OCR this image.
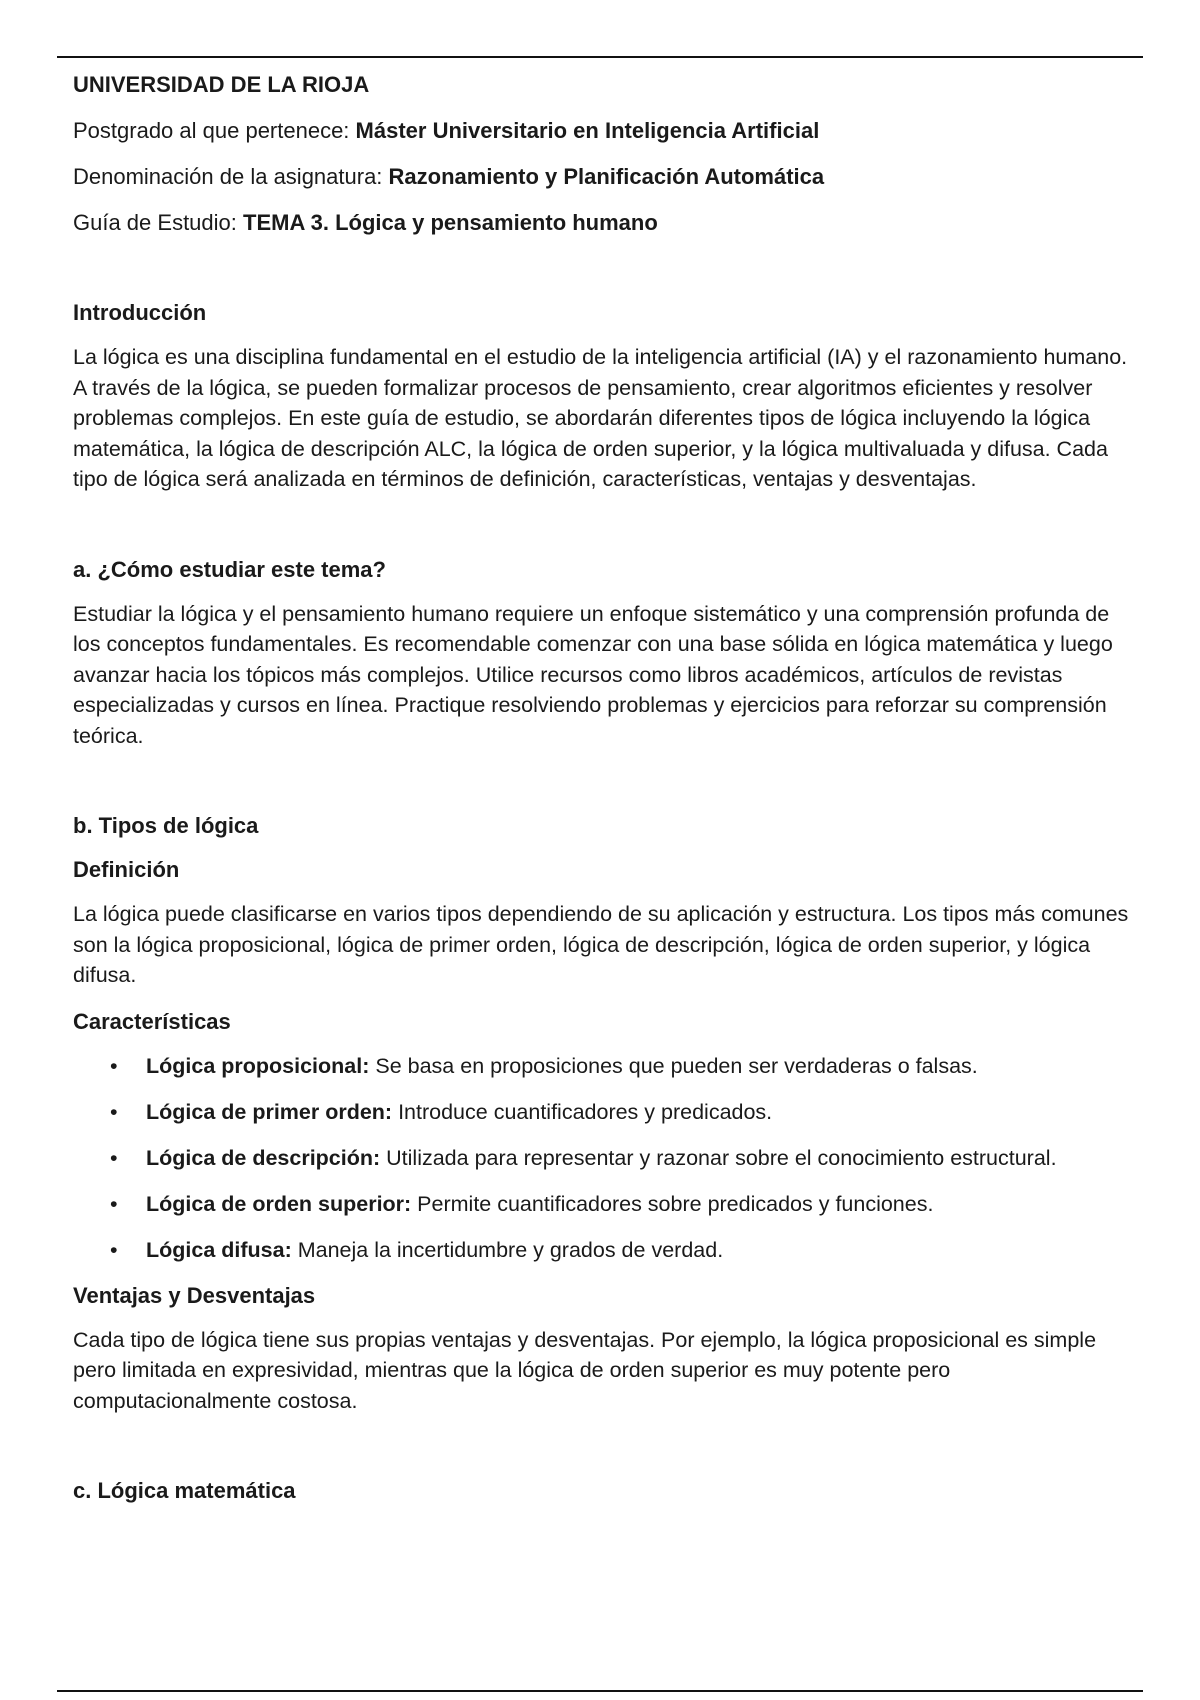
UNIVERSIDAD DE LA RIOJA
Postgrado al que pertenece: Máster Universitario en Inteligencia Artificial
Denominación de la asignatura: Razonamiento y Planificación Automática
Guía de Estudio: TEMA 3. Lógica y pensamiento humano
Introducción

La lógica es una disciplina fundamental en el estudio de la inteligencia artificial (IA) y el razonamiento humano. A través de la lógica, se pueden formalizar procesos de pensamiento, crear algoritmos eficientes y resolver problemas complejos. En este guía de estudio, se abordarán diferentes tipos de lógica incluyendo la lógica matemática, la lógica de descripción ALC, la lógica de orden superior, y la lógica multivaluada y difusa. Cada tipo de lógica será analizada en términos de definición, características, ventajas y desventajas.

a. ¿Cómo estudiar este tema?

Estudiar la lógica y el pensamiento humano requiere un enfoque sistemático y una comprensión profunda de los conceptos fundamentales. Es recomendable comenzar con una base sólida en lógica matemática y luego avanzar hacia los tópicos más complejos. Utilice recursos como libros académicos, artículos de revistas especializadas y cursos en línea. Practique resolviendo problemas y ejercicios para reforzar su comprensión teórica.

b. Tipos de lógica
Definición

La lógica puede clasificarse en varios tipos dependiendo de su aplicación y estructura. Los tipos más comunes son la lógica proposicional, lógica de primer orden, lógica de descripción, lógica de orden superior, y lógica difusa.

Características
• Lógica proposicional: Se basa en proposiciones que pueden ser verdaderas o falsas.
• Lógica de primer orden: Introduce cuantificadores y predicados.
• Lógica de descripción: Utilizada para representar y razonar sobre el conocimiento estructural.
• Lógica de orden superior: Permite cuantificadores sobre predicados y funciones.
• Lógica difusa: Maneja la incertidumbre y grados de verdad.
Ventajas y Desventajas

Cada tipo de lógica tiene sus propias ventajas y desventajas. Por ejemplo, la lógica proposicional es simple pero limitada en expresividad, mientras que la lógica de orden superior es muy potente pero computacionalmente costosa.

c. Lógica matemática
